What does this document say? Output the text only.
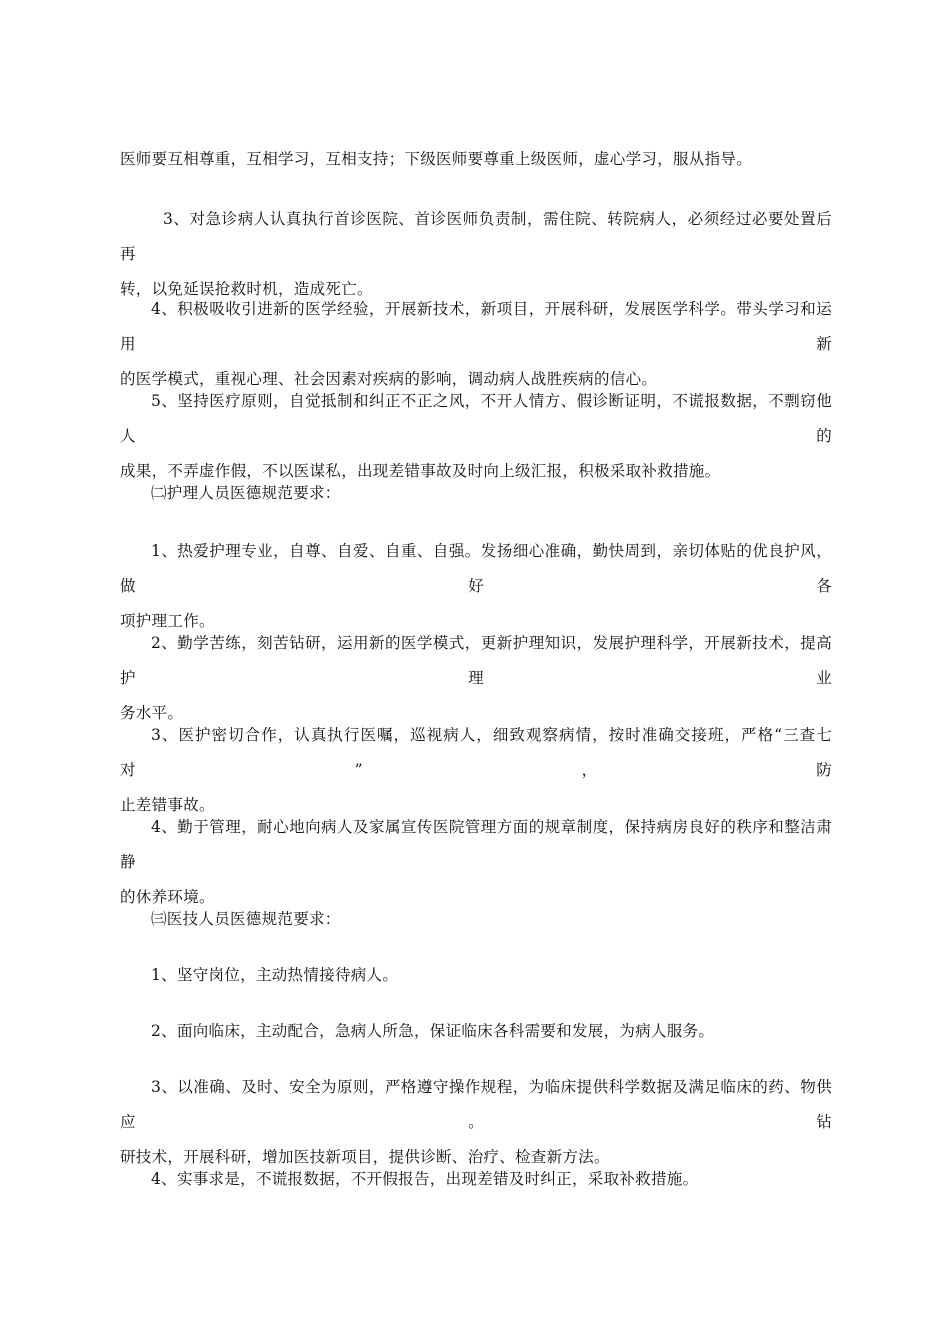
医师要互相尊重，互相学习，互相支持；下级医师要尊重上级医师，虚心学习，服从指导。

3、对急诊病人认真执行首诊医院、首诊医师负责制，需住院、转院病人，必须经过必要处置后再
转，以免延误抢救时机，造成死亡。

4、积极吸收引进新的医学经验，开展新技术，新项目，开展科研，发展医学科学。带头学习和运用新
的医学模式，重视心理、社会因素对疾病的影响，调动病人战胜疾病的信心。

5、坚持医疗原则，自觉抵制和纠正不正之风，不开人情方、假诊断证明，不谎报数据，不剽窃他人的
成果，不弄虚作假，不以医谋私，出现差错事故及时向上级汇报，积极采取补救措施。

㈡护理人员医德规范要求：

1、热爱护理专业，自尊、自爱、自重、自强。发扬细心准确，勤快周到，亲切体贴的优良护风，做好各
项护理工作。

2、勤学苦练，刻苦钻研，运用新的医学模式，更新护理知识，发展护理科学，开展新技术，提高护理业
务水平。

3、医护密切合作，认真执行医嘱，巡视病人，细致观察病情，按时准确交接班，严格“三查七对”，防
止差错事故。

4、勤于管理，耐心地向病人及家属宣传医院管理方面的规章制度，保持病房良好的秩序和整洁肃静
的休养环境。

㈢医技人员医德规范要求：

1、坚守岗位，主动热情接待病人。

2、面向临床，主动配合，急病人所急，保证临床各科需要和发展，为病人服务。

3、以准确、及时、安全为原则，严格遵守操作规程，为临床提供科学数据及满足临床的药、物供应。钻
研技术，开展科研，增加医技新项目，提供诊断、治疗、检查新方法。

4、实事求是，不谎报数据，不开假报告，出现差错及时纠正，采取补救措施。
